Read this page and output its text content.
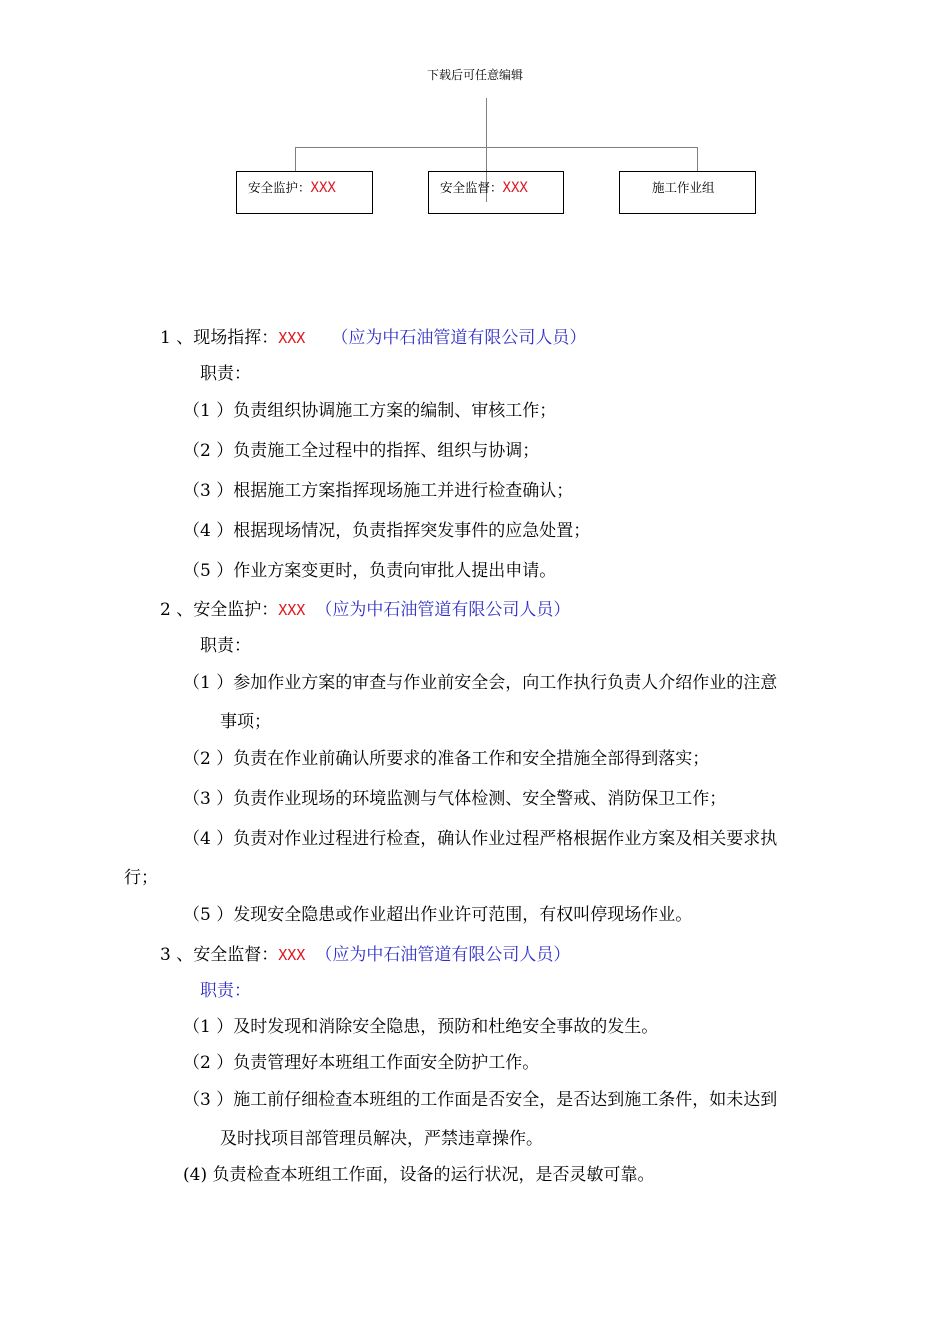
下载后可任意编辑
安全监护：XXX	安全监督：XXX	施工作业组
1 、现场指挥：XXX （应为中石油管道有限公司人员）
职责：
（1 ）负责组织协调施工方案的编制、审核工作；
（2 ）负责施工全过程中的指挥、组织与协调；
（3 ）根据施工方案指挥现场施工并进行检查确认；
（4 ）根据现场情况，负责指挥突发事件的应急处置；
（5 ）作业方案变更时，负责向审批人提出申请。
2 、安全监护：XXX （应为中石油管道有限公司人员）
职责：
（1 ）参加作业方案的审查与作业前安全会，向工作执行负责人介绍作业的注意
事项；
（2 ）负责在作业前确认所要求的准备工作和安全措施全部得到落实；
（3 ）负责作业现场的环境监测与气体检测、安全警戒、消防保卫工作；
（4 ）负责对作业过程进行检查，确认作业过程严格根据作业方案及相关要求执
行；
（5 ）发现安全隐患或作业超出作业许可范围，有权叫停现场作业。
3 、安全监督：XXX （应为中石油管道有限公司人员）
职责：
（1 ）及时发现和消除安全隐患，预防和杜绝安全事故的发生。
（2 ）负责管理好本班组工作面安全防护工作。
（3 ）施工前仔细检查本班组的工作面是否安全，是否达到施工条件，如未达到
及时找项目部管理员解决，严禁违章操作。
(4) 负责检查本班组工作面，设备的运行状况，是否灵敏可靠。
